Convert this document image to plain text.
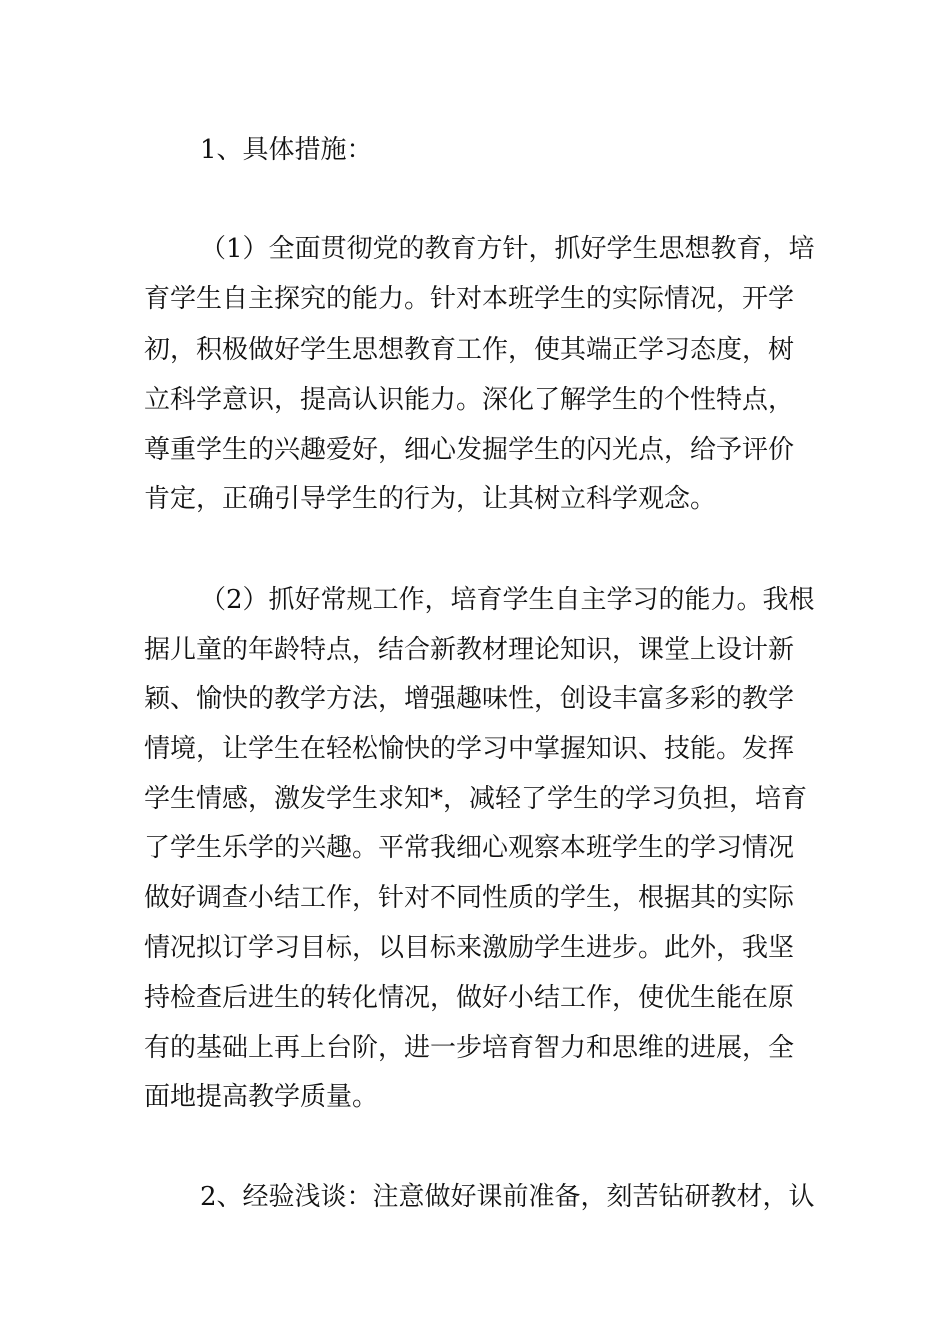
1、具体措施：
（1）全面贯彻党的教育方针，抓好学生思想教育，培
育学生自主探究的能力。针对本班学生的实际情况，开学
初，积极做好学生思想教育工作，使其端正学习态度，树
立科学意识，提高认识能力。深化了解学生的个性特点，
尊重学生的兴趣爱好，细心发掘学生的闪光点，给予评价
肯定，正确引导学生的行为，让其树立科学观念。
（2）抓好常规工作，培育学生自主学习的能力。我根
据儿童的年龄特点，结合新教材理论知识，课堂上设计新
颖、愉快的教学方法，增强趣味性，创设丰富多彩的教学
情境，让学生在轻松愉快的学习中掌握知识、技能。发挥
学生情感，激发学生求知*，减轻了学生的学习负担，培育
了学生乐学的兴趣。平常我细心观察本班学生的学习情况
做好调查小结工作，针对不同性质的学生，根据其的实际
情况拟订学习目标，以目标来激励学生进步。此外，我坚
持检查后进生的转化情况，做好小结工作，使优生能在原
有的基础上再上台阶，进一步培育智力和思维的进展，全
面地提高教学质量。
2、经验浅谈：注意做好课前准备，刻苦钻研教材，认
